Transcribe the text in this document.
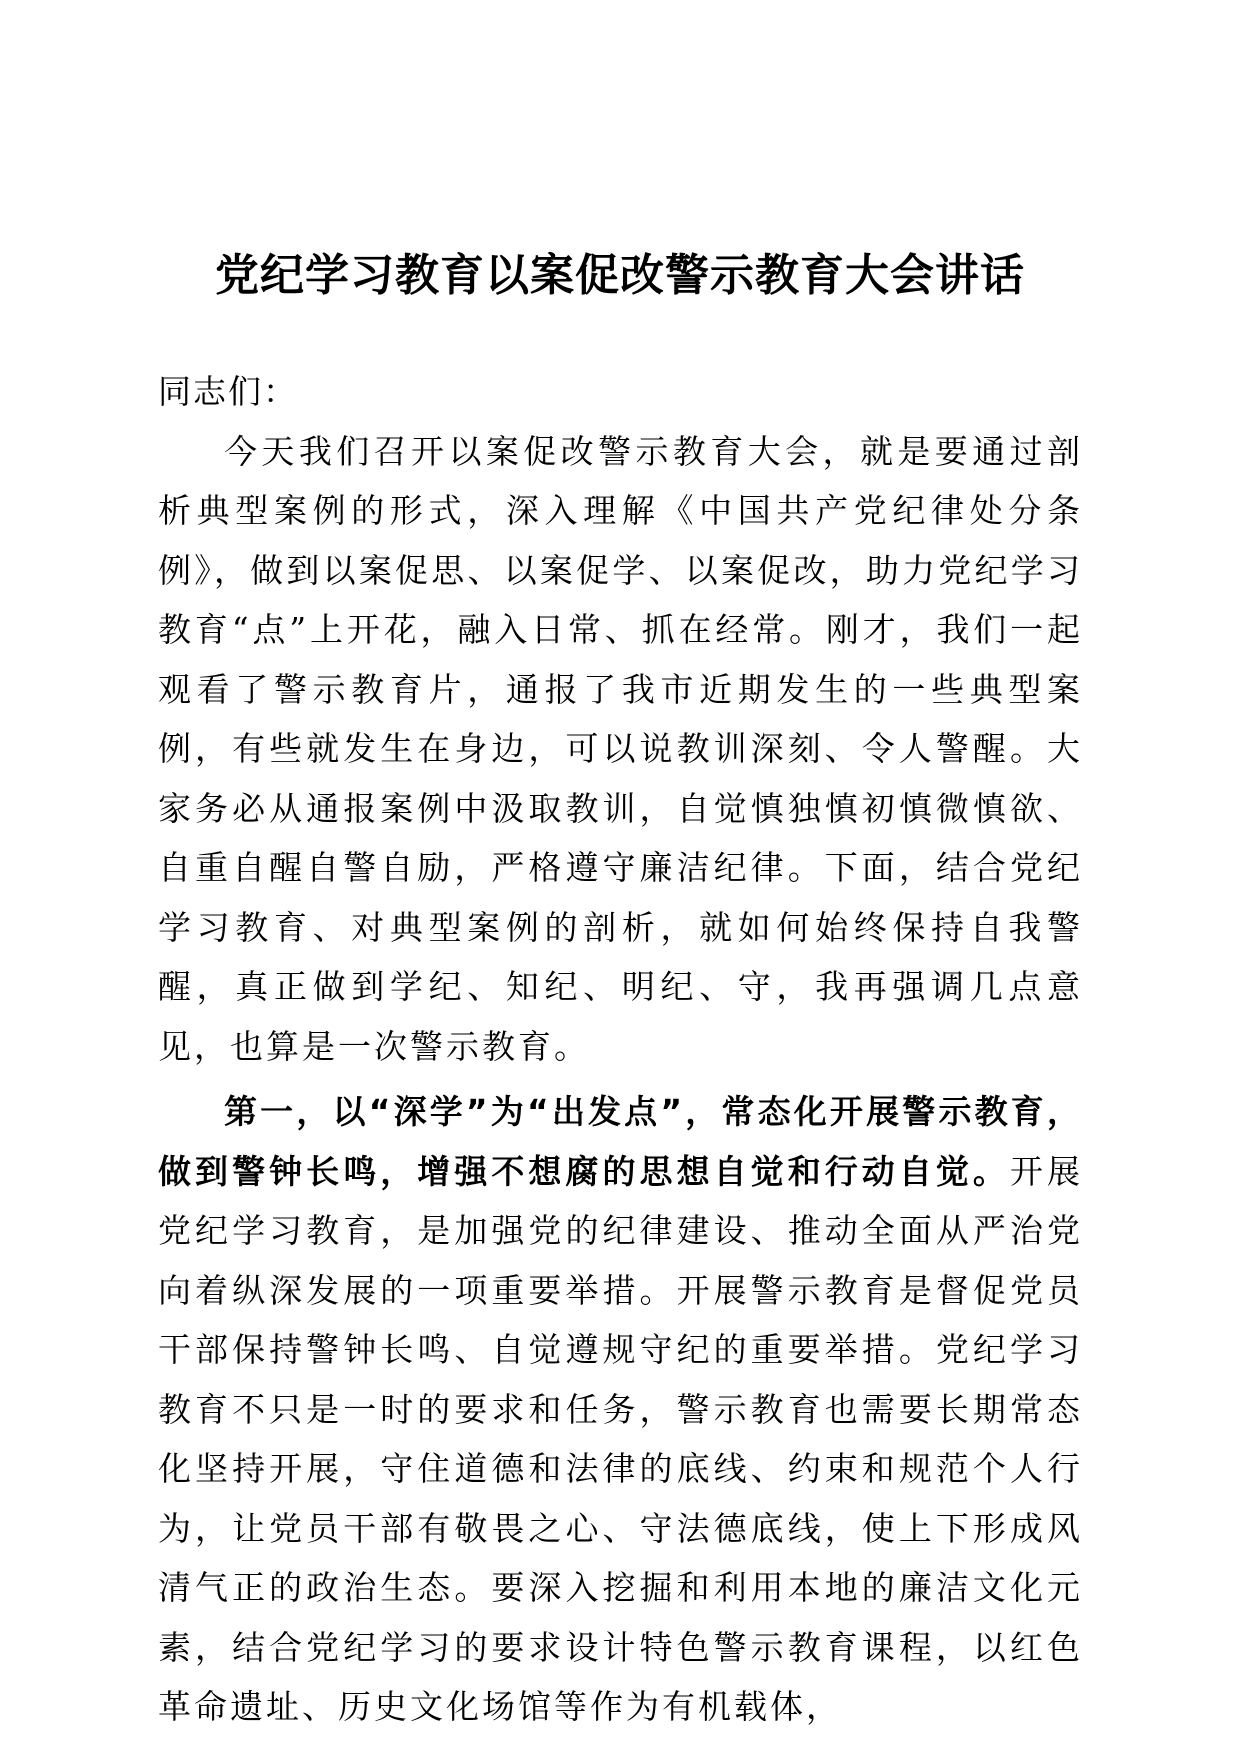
党纪学习教育以案促改警示教育大会讲话

同志们：

今天我们召开以案促改警示教育大会，就是要通过剖析典型案例的形式，深入理解《中国共产党纪律处分条例》，做到以案促思、以案促学、以案促改，助力党纪学习教育“点”上开花，融入日常、抓在经常。刚才，我们一起观看了警示教育片，通报了我市近期发生的一些典型案例，有些就发生在身边，可以说教训深刻、令人警醒。大家务必从通报案例中汲取教训，自觉慎独慎初慎微慎欲、自重自醒自警自励，严格遵守廉洁纪律。下面，结合党纪学习教育、对典型案例的剖析，就如何始终保持自我警醒，真正做到学纪、知纪、明纪、守，我再强调几点意见，也算是一次警示教育。

第一，以“深学”为“出发点”，常态化开展警示教育，做到警钟长鸣，增强不想腐的思想自觉和行动自觉。开展党纪学习教育，是加强党的纪律建设、推动全面从严治党向着纵深发展的一项重要举措。开展警示教育是督促党员干部保持警钟长鸣、自觉遵规守纪的重要举措。党纪学习教育不只是一时的要求和任务，警示教育也需要长期常态化坚持开展，守住道德和法律的底线、约束和规范个人行为，让党员干部有敬畏之心、守法德底线，使上下形成风清气正的政治生态。要深入挖掘和利用本地的廉洁文化元素，结合党纪学习的要求设计特色警示教育课程，以红色革命遗址、历史文化场馆等作为有机载体，
